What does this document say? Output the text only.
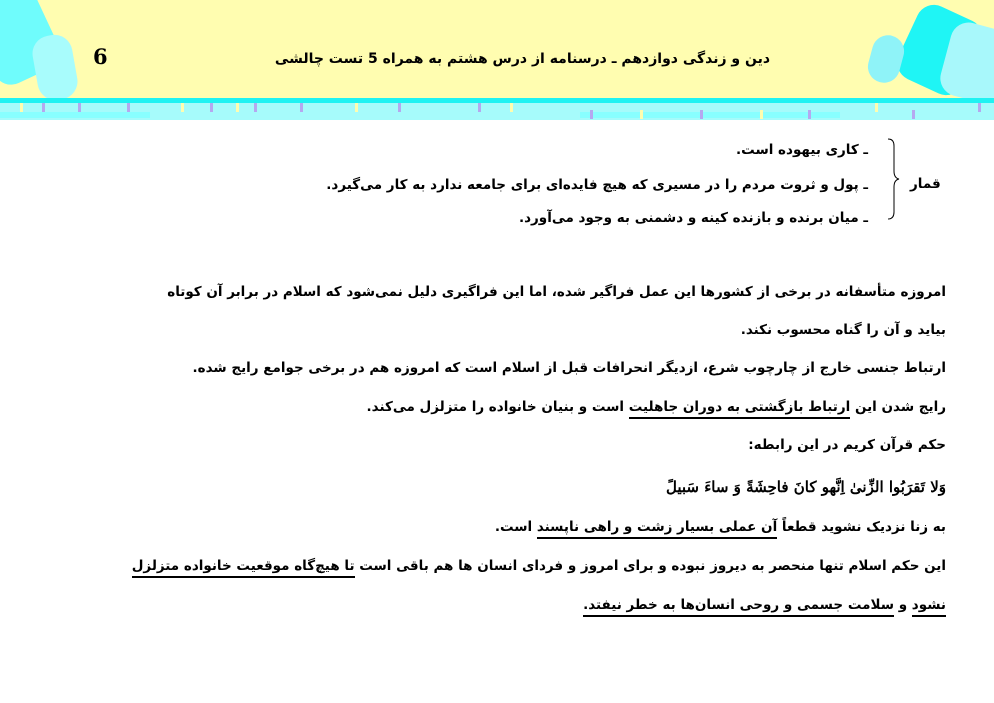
6	دین و زندگی دوازدهم ـ درسنامه از درس هشتم به همراه 5 تست چالشی
قمار
ـ کاری بیهوده است.
ـ پول و ثروت مردم را در مسیری که هیچ فایده‌ای برای جامعه ندارد به کار می‌گیرد.
ـ میان برنده و بازنده کینه و دشمنی به وجود می‌آورد.
امروزه متأسفانه در برخی از کشورها این عمل فراگیر شده، اما این فراگیری دلیل نمی‌شود که اسلام در برابر آن کوتاه
بیاید و آن را گناه محسوب نکند.
ارتباط جنسی خارج از چارچوب شرع، ازدیگر انحرافات قبل از اسلام است که امروزه هم در برخی جوامع رایج شده.
رایج شدن این ارتباط بازگشتی به دوران جاهلیت است و بنیان خانواده را متزلزل می‌کند.
حکم قرآن کریم در این رابطه:
وَلا تَقرَبُوا الزِّنیٰ اِنَّهو کانَ فاحِشَةً وَ ساءَ سَبیلً
به زنا نزدیک نشوید قطعاً آن عملی بسیار زشت و راهی ناپسند است.
این حکم اسلام تنها منحصر به دیروز نبوده و برای امروز و فردای انسان ها هم باقی است تا هیچ‌گاه موقعیت خانواده متزلزل
نشود و سلامت جسمی و روحی انسان‌ها به خطر نیفتد.
